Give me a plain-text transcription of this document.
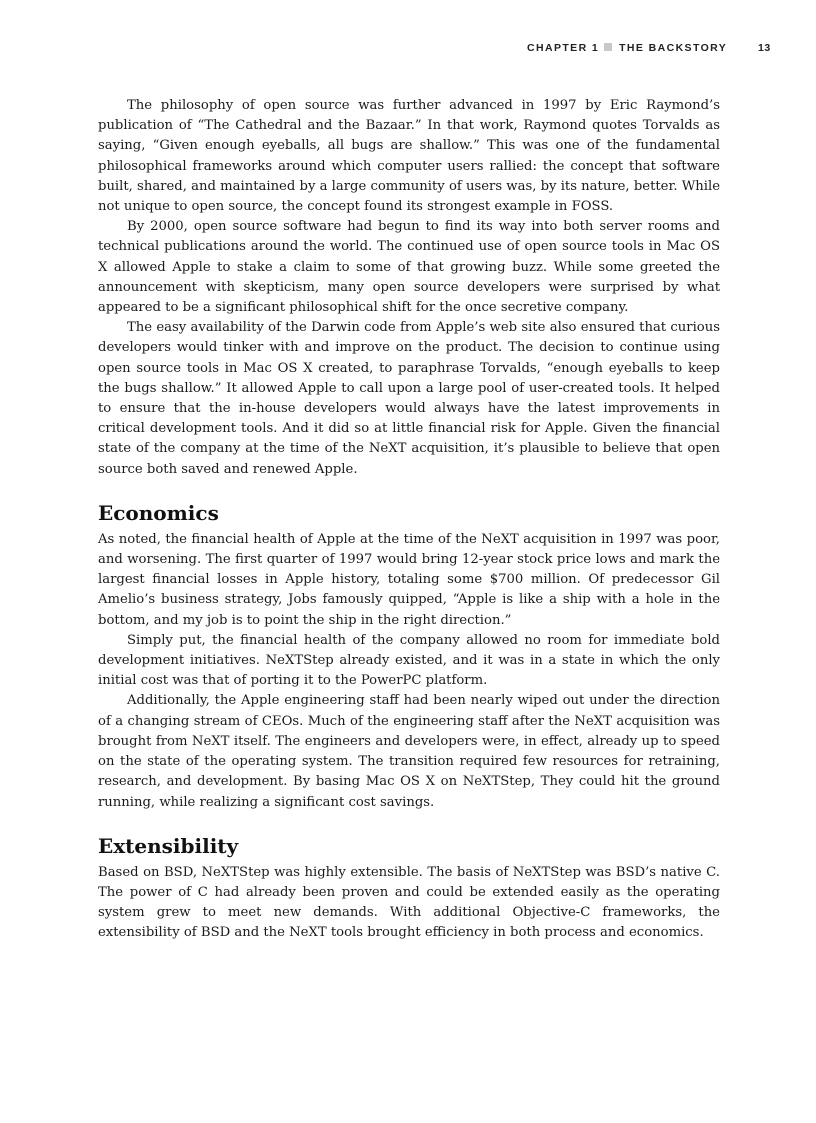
CHAPTER 1 THE BACKSTORY	13

The philosophy of open source was further advanced in 1997 by Eric Raymond’s publication of “The Cathedral and the Bazaar.” In that work, Raymond quotes Torvalds as saying, “Given enough eyeballs, all bugs are shallow.” This was one of the fundamental philosophical frameworks around which computer users rallied: the concept that software built, shared, and maintained by a large community of users was, by its nature, better. While not unique to open source, the concept found its strongest example in FOSS.

By 2000, open source software had begun to find its way into both server rooms and technical publications around the world. The continued use of open source tools in Mac OS X allowed Apple to stake a claim to some of that growing buzz. While some greeted the announcement with skepticism, many open source developers were surprised by what appeared to be a significant philosophical shift for the once secretive company.

The easy availability of the Darwin code from Apple’s web site also ensured that curious developers would tinker with and improve on the product. The decision to continue using open source tools in Mac OS X created, to paraphrase Torvalds, “enough eyeballs to keep the bugs shallow.” It allowed Apple to call upon a large pool of user-created tools. It helped to ensure that the in-house developers would always have the latest improvements in critical development tools. And it did so at little financial risk for Apple. Given the financial state of the company at the time of the NeXT acquisition, it’s plausible to believe that open source both saved and renewed Apple.

Economics

As noted, the financial health of Apple at the time of the NeXT acquisition in 1997 was poor, and worsening. The first quarter of 1997 would bring 12-year stock price lows and mark the largest financial losses in Apple history, totaling some $700 million. Of predecessor Gil Amelio’s business strategy, Jobs famously quipped, “Apple is like a ship with a hole in the bottom, and my job is to point the ship in the right direction.”

Simply put, the financial health of the company allowed no room for immediate bold development initiatives. NeXTStep already existed, and it was in a state in which the only initial cost was that of porting it to the PowerPC platform.

Additionally, the Apple engineering staff had been nearly wiped out under the direction of a changing stream of CEOs. Much of the engineering staff after the NeXT acquisition was brought from NeXT itself. The engineers and developers were, in effect, already up to speed on the state of the operating system. The transition required few resources for retraining, research, and development. By basing Mac OS X on NeXTStep, They could hit the ground running, while realizing a significant cost savings.

Extensibility

Based on BSD, NeXTStep was highly extensible. The basis of NeXTStep was BSD’s native C. The power of C had already been proven and could be extended easily as the operating system grew to meet new demands. With additional Objective-C frameworks, the extensibility of BSD and the NeXT tools brought efficiency in both process and economics.
